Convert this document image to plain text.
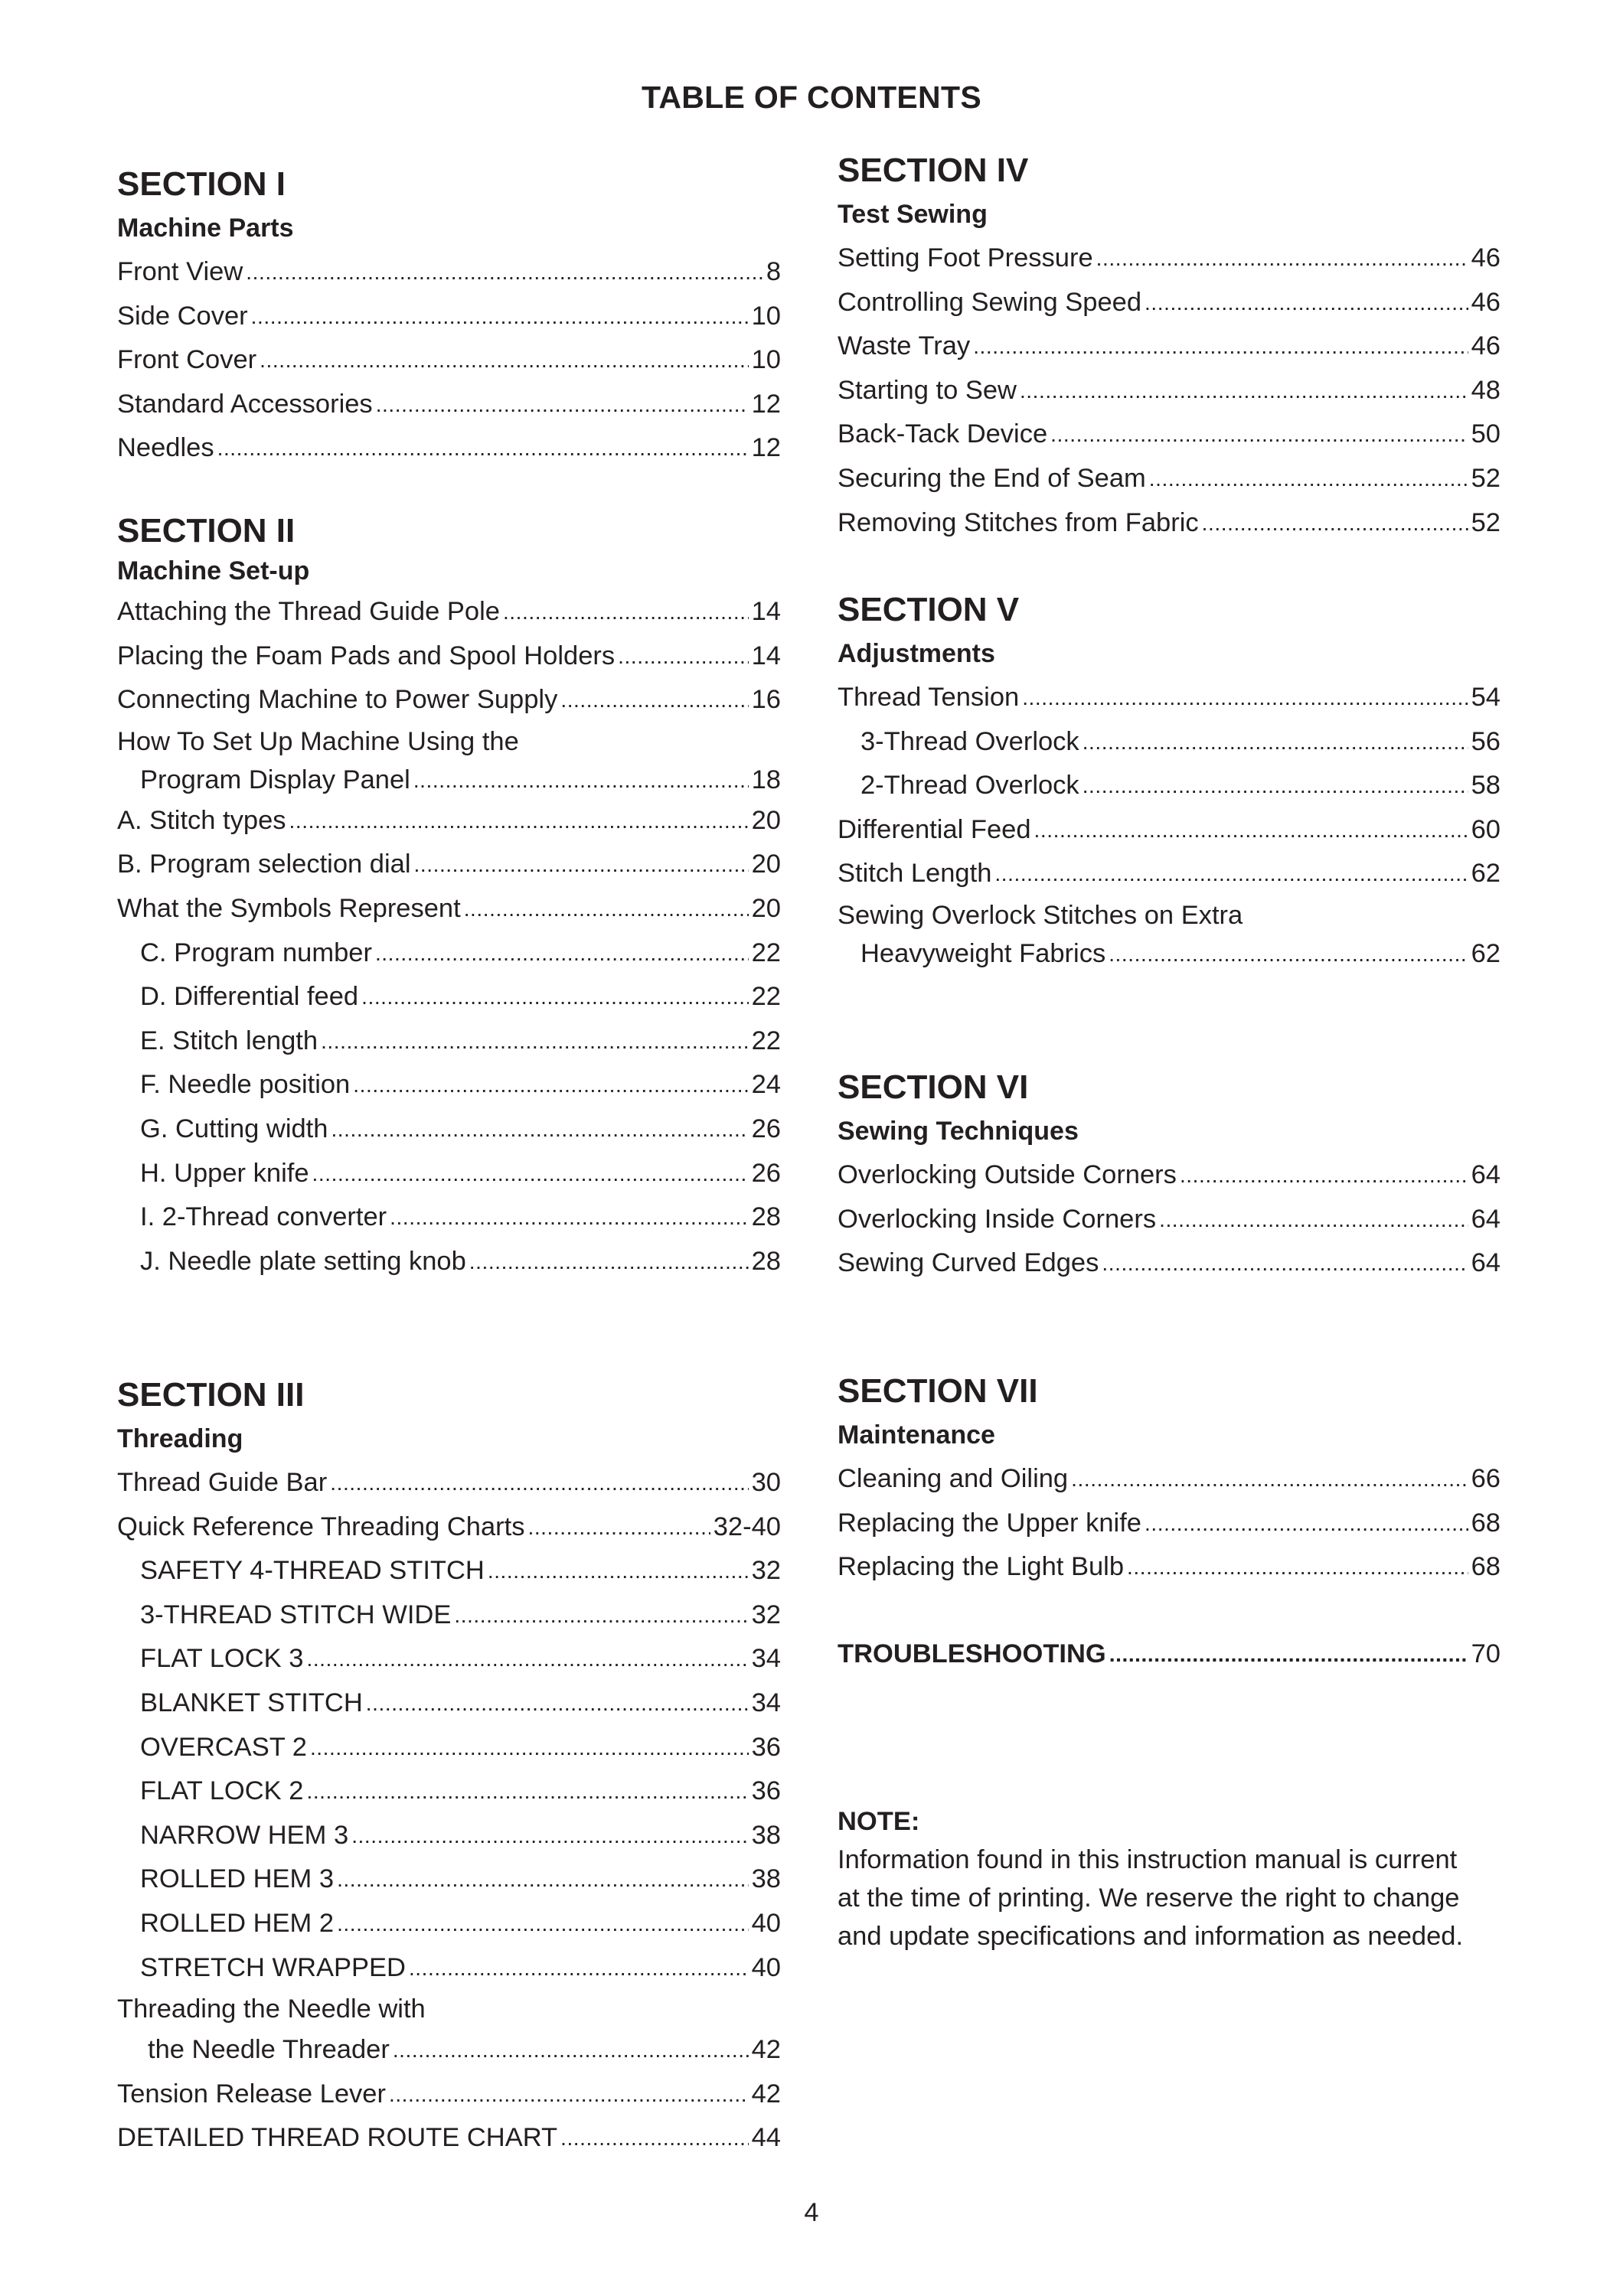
TABLE OF CONTENTS
SECTION I
Machine Parts
Front View . . .	8
Side Cover . . .	10
Front Cover . . .	10
Standard Accessories . . .	12
Needles . . .	12
SECTION II
Machine Set-up
Attaching the Thread Guide Pole . . .	14
Placing the Foam Pads and Spool Holders . . .	14
Connecting Machine to Power Supply . . .	16
How To Set Up Machine Using the
Program Display Panel . . .	18
A. Stitch types . . .	20
B. Program selection dial . . .	20
What the Symbols Represent . . .	20
C. Program number . . .	22
D. Differential feed . . .	22
E. Stitch length . . .	22
F. Needle position . . .	24
G. Cutting width . . .	26
H. Upper knife . . .	26
I. 2-Thread converter . . .	28
J. Needle plate setting knob . . .	28
SECTION III
Threading
Thread Guide Bar . . .	30
Quick Reference Threading Charts . . .	32-40
SAFETY 4-THREAD STITCH . . .	32
3-THREAD STITCH WIDE . . .	32
FLAT LOCK 3 . . .	34
BLANKET STITCH . . .	34
OVERCAST 2 . . .	36
FLAT LOCK 2 . . .	36
NARROW HEM 3 . . .	38
ROLLED HEM 3 . . .	38
ROLLED HEM 2 . . .	40
STRETCH WRAPPED . . .	40
Threading the Needle with
the Needle Threader . . .	42
Tension Release Lever . . .	42
DETAILED THREAD ROUTE CHART . . .	44
SECTION IV
Test Sewing
Setting Foot Pressure . . .	46
Controlling Sewing Speed . . .	46
Waste Tray . . .	46
Starting to Sew . . .	48
Back-Tack Device . . .	50
Securing the End of Seam . . .	52
Removing Stitches from Fabric . . .	52
SECTION V
Adjustments
Thread Tension . . .	54
3-Thread Overlock . . .	56
2-Thread Overlock . . .	58
Differential Feed . . .	60
Stitch Length . . .	62
Sewing Overlock Stitches on Extra
Heavyweight Fabrics . . .	62
SECTION VI
Sewing Techniques
Overlocking Outside Corners . . .	64
Overlocking Inside Corners . . .	64
Sewing Curved Edges . . .	64
SECTION VII
Maintenance
Cleaning and Oiling . . .	66
Replacing the Upper knife . . .	68
Replacing the Light Bulb . . .	68
TROUBLESHOOTING . . .	70
NOTE:
Information found in this instruction manual is current
at the time of printing. We reserve the right to change
and update specifications and information as needed.
4
